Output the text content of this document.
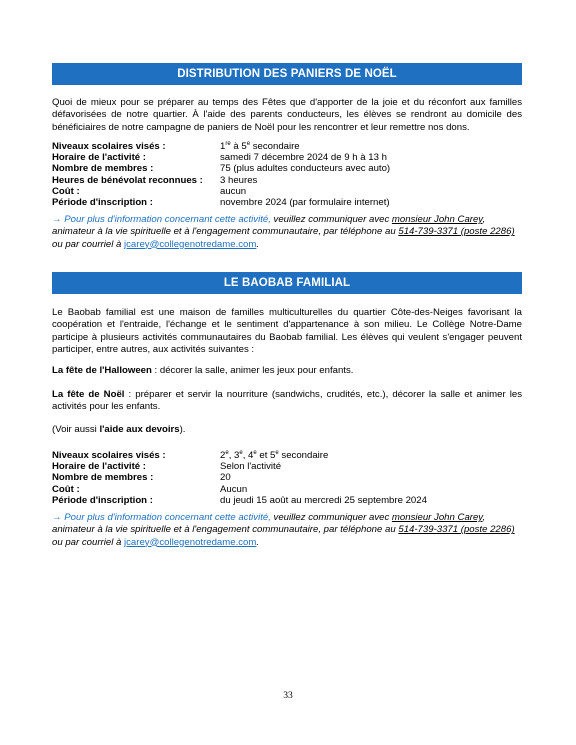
DISTRIBUTION DES PANIERS DE NOËL
Quoi de mieux pour se préparer au temps des Fêtes que d'apporter de la joie et du réconfort aux familles défavorisées de notre quartier. À l'aide des parents conducteurs, les élèves se rendront au domicile des bénéficiaires de notre campagne de paniers de Noël pour les rencontrer et leur remettre nos dons.
Niveaux scolaires visés :	1re à 5e secondaire
Horaire de l'activité :	samedi 7 décembre 2024 de 9 h à 13 h
Nombre de membres :	75 (plus adultes conducteurs avec auto)
Heures de bénévolat reconnues :	3 heures
Coût :	aucun
Période d'inscription :	novembre 2024 (par formulaire internet)
→ Pour plus d'information concernant cette activité, veuillez communiquer avec monsieur John Carey, animateur à la vie spirituelle et à l'engagement communautaire, par téléphone au 514-739-3371 (poste 2286) ou par courriel à jcarey@collegenotredame.com.
LE BAOBAB FAMILIAL
Le Baobab familial est une maison de familles multiculturelles du quartier Côte-des-Neiges favorisant la coopération et l'entraide, l'échange et le sentiment d'appartenance à son milieu. Le Collège Notre-Dame participe à plusieurs activités communautaires du Baobab familial. Les élèves qui veulent s'engager peuvent participer, entre autres, aux activités suivantes :
La fête de l'Halloween : décorer la salle, animer les jeux pour enfants.
La fête de Noël : préparer et servir la nourriture (sandwichs, crudités, etc.), décorer la salle et animer les activités pour les enfants.
(Voir aussi l'aide aux devoirs).
Niveaux scolaires visés :	2e, 3e, 4e et 5e secondaire
Horaire de l'activité :	Selon l'activité
Nombre de membres :	20
Coût :	Aucun
Période d'inscription :	du jeudi 15 août au mercredi 25 septembre 2024
→ Pour plus d'information concernant cette activité, veuillez communiquer avec monsieur John Carey, animateur à la vie spirituelle et à l'engagement communautaire, par téléphone au 514-739-3371 (poste 2286) ou par courriel à jcarey@collegenotredame.com.
33
